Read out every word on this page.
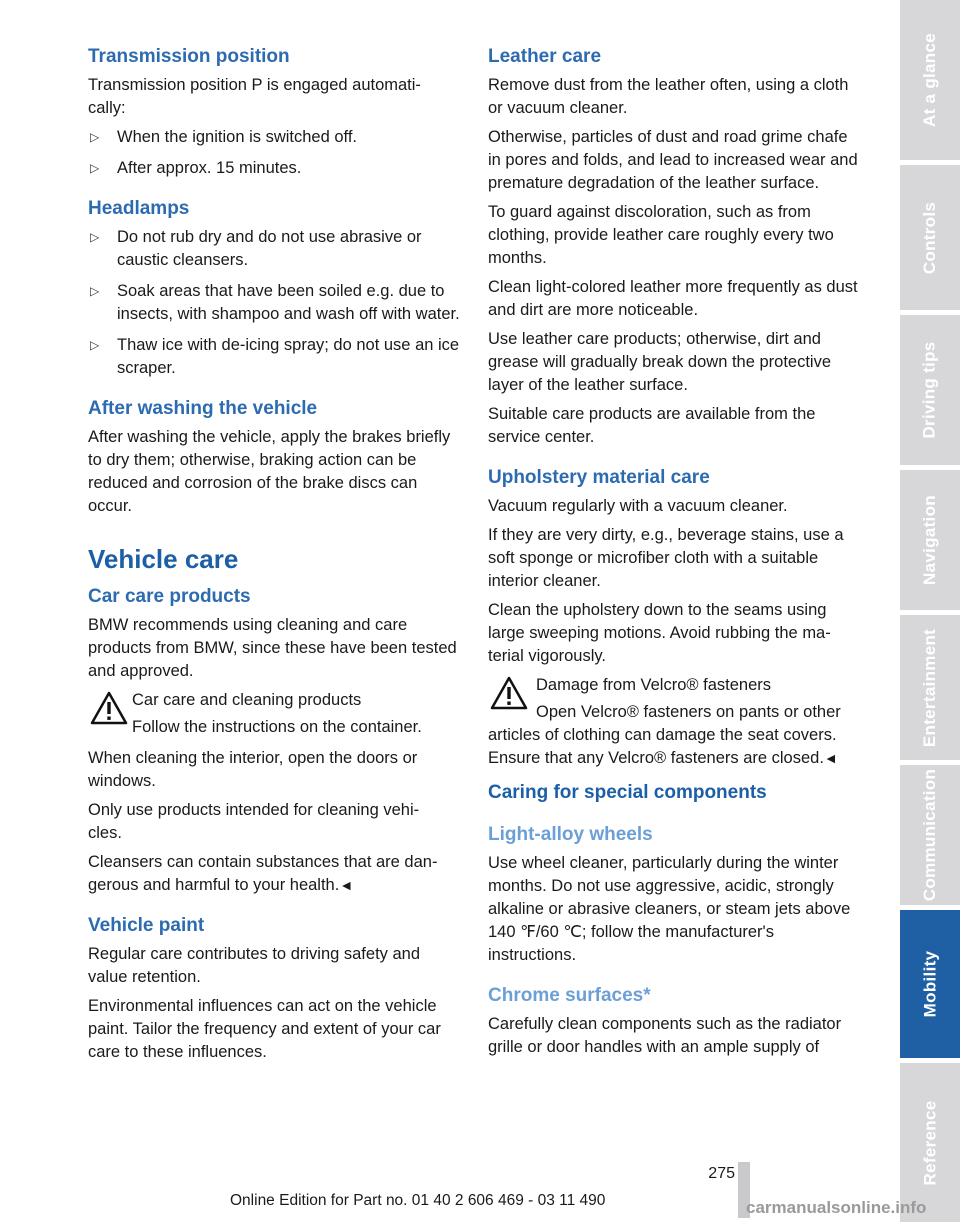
Transmission position

Transmission position P is engaged automati-
cally:

▷ When the ignition is switched off.
▷ After approx. 15 minutes.
Headlamps
▷ Do not rub dry and do not use abrasive or caustic cleansers.
▷ Soak areas that have been soiled e.g. due to insects, with shampoo and wash off with water.
▷ Thaw ice with de-icing spray; do not use an ice scraper.
After washing the vehicle

After washing the vehicle, apply the brakes briefly to dry them; otherwise, braking action can be reduced and corrosion of the brake discs can occur.

Vehicle care
Car care products

BMW recommends using cleaning and care products from BMW, since these have been tested and approved.

Car care and cleaning products
Follow the instructions on the container.

When cleaning the interior, open the doors or windows.

Only use products intended for cleaning vehi-
cles.

Cleansers can contain substances that are dan-
gerous and harmful to your health.◄

Vehicle paint

Regular care contributes to driving safety and value retention.

Environmental influences can act on the vehicle paint. Tailor the frequency and extent of your car care to these influences.

Leather care

Remove dust from the leather often, using a cloth or vacuum cleaner.

Otherwise, particles of dust and road grime chafe in pores and folds, and lead to increased wear and premature degradation of the leather surface.

To guard against discoloration, such as from clothing, provide leather care roughly every two months.

Clean light-colored leather more frequently as dust and dirt are more noticeable.

Use leather care products; otherwise, dirt and grease will gradually break down the protective layer of the leather surface.

Suitable care products are available from the service center.

Upholstery material care

Vacuum regularly with a vacuum cleaner.

If they are very dirty, e.g., beverage stains, use a soft sponge or microfiber cloth with a suitable interior cleaner.

Clean the upholstery down to the seams using large sweeping motions. Avoid rubbing the ma-
terial vigorously.

Damage from Velcro® fasteners
Open Velcro® fasteners on pants or other
articles of clothing can damage the seat covers. Ensure that any Velcro® fasteners are closed.◄
Caring for special components
Light-alloy wheels

Use wheel cleaner, particularly during the winter months. Do not use aggressive, acidic, strongly alkaline or abrasive cleaners, or steam jets above 140 ℉/60 ℃; follow the manufacturer's instructions.

Chrome surfaces*

Carefully clean components such as the radiator grille or door handles with an ample supply of

At a glance
Controls
Driving tips
Navigation
Entertainment
Communication
Mobility
Reference
275
Online Edition for Part no. 01 40 2 606 469 - 03 11 490	carmanualsonline.info
